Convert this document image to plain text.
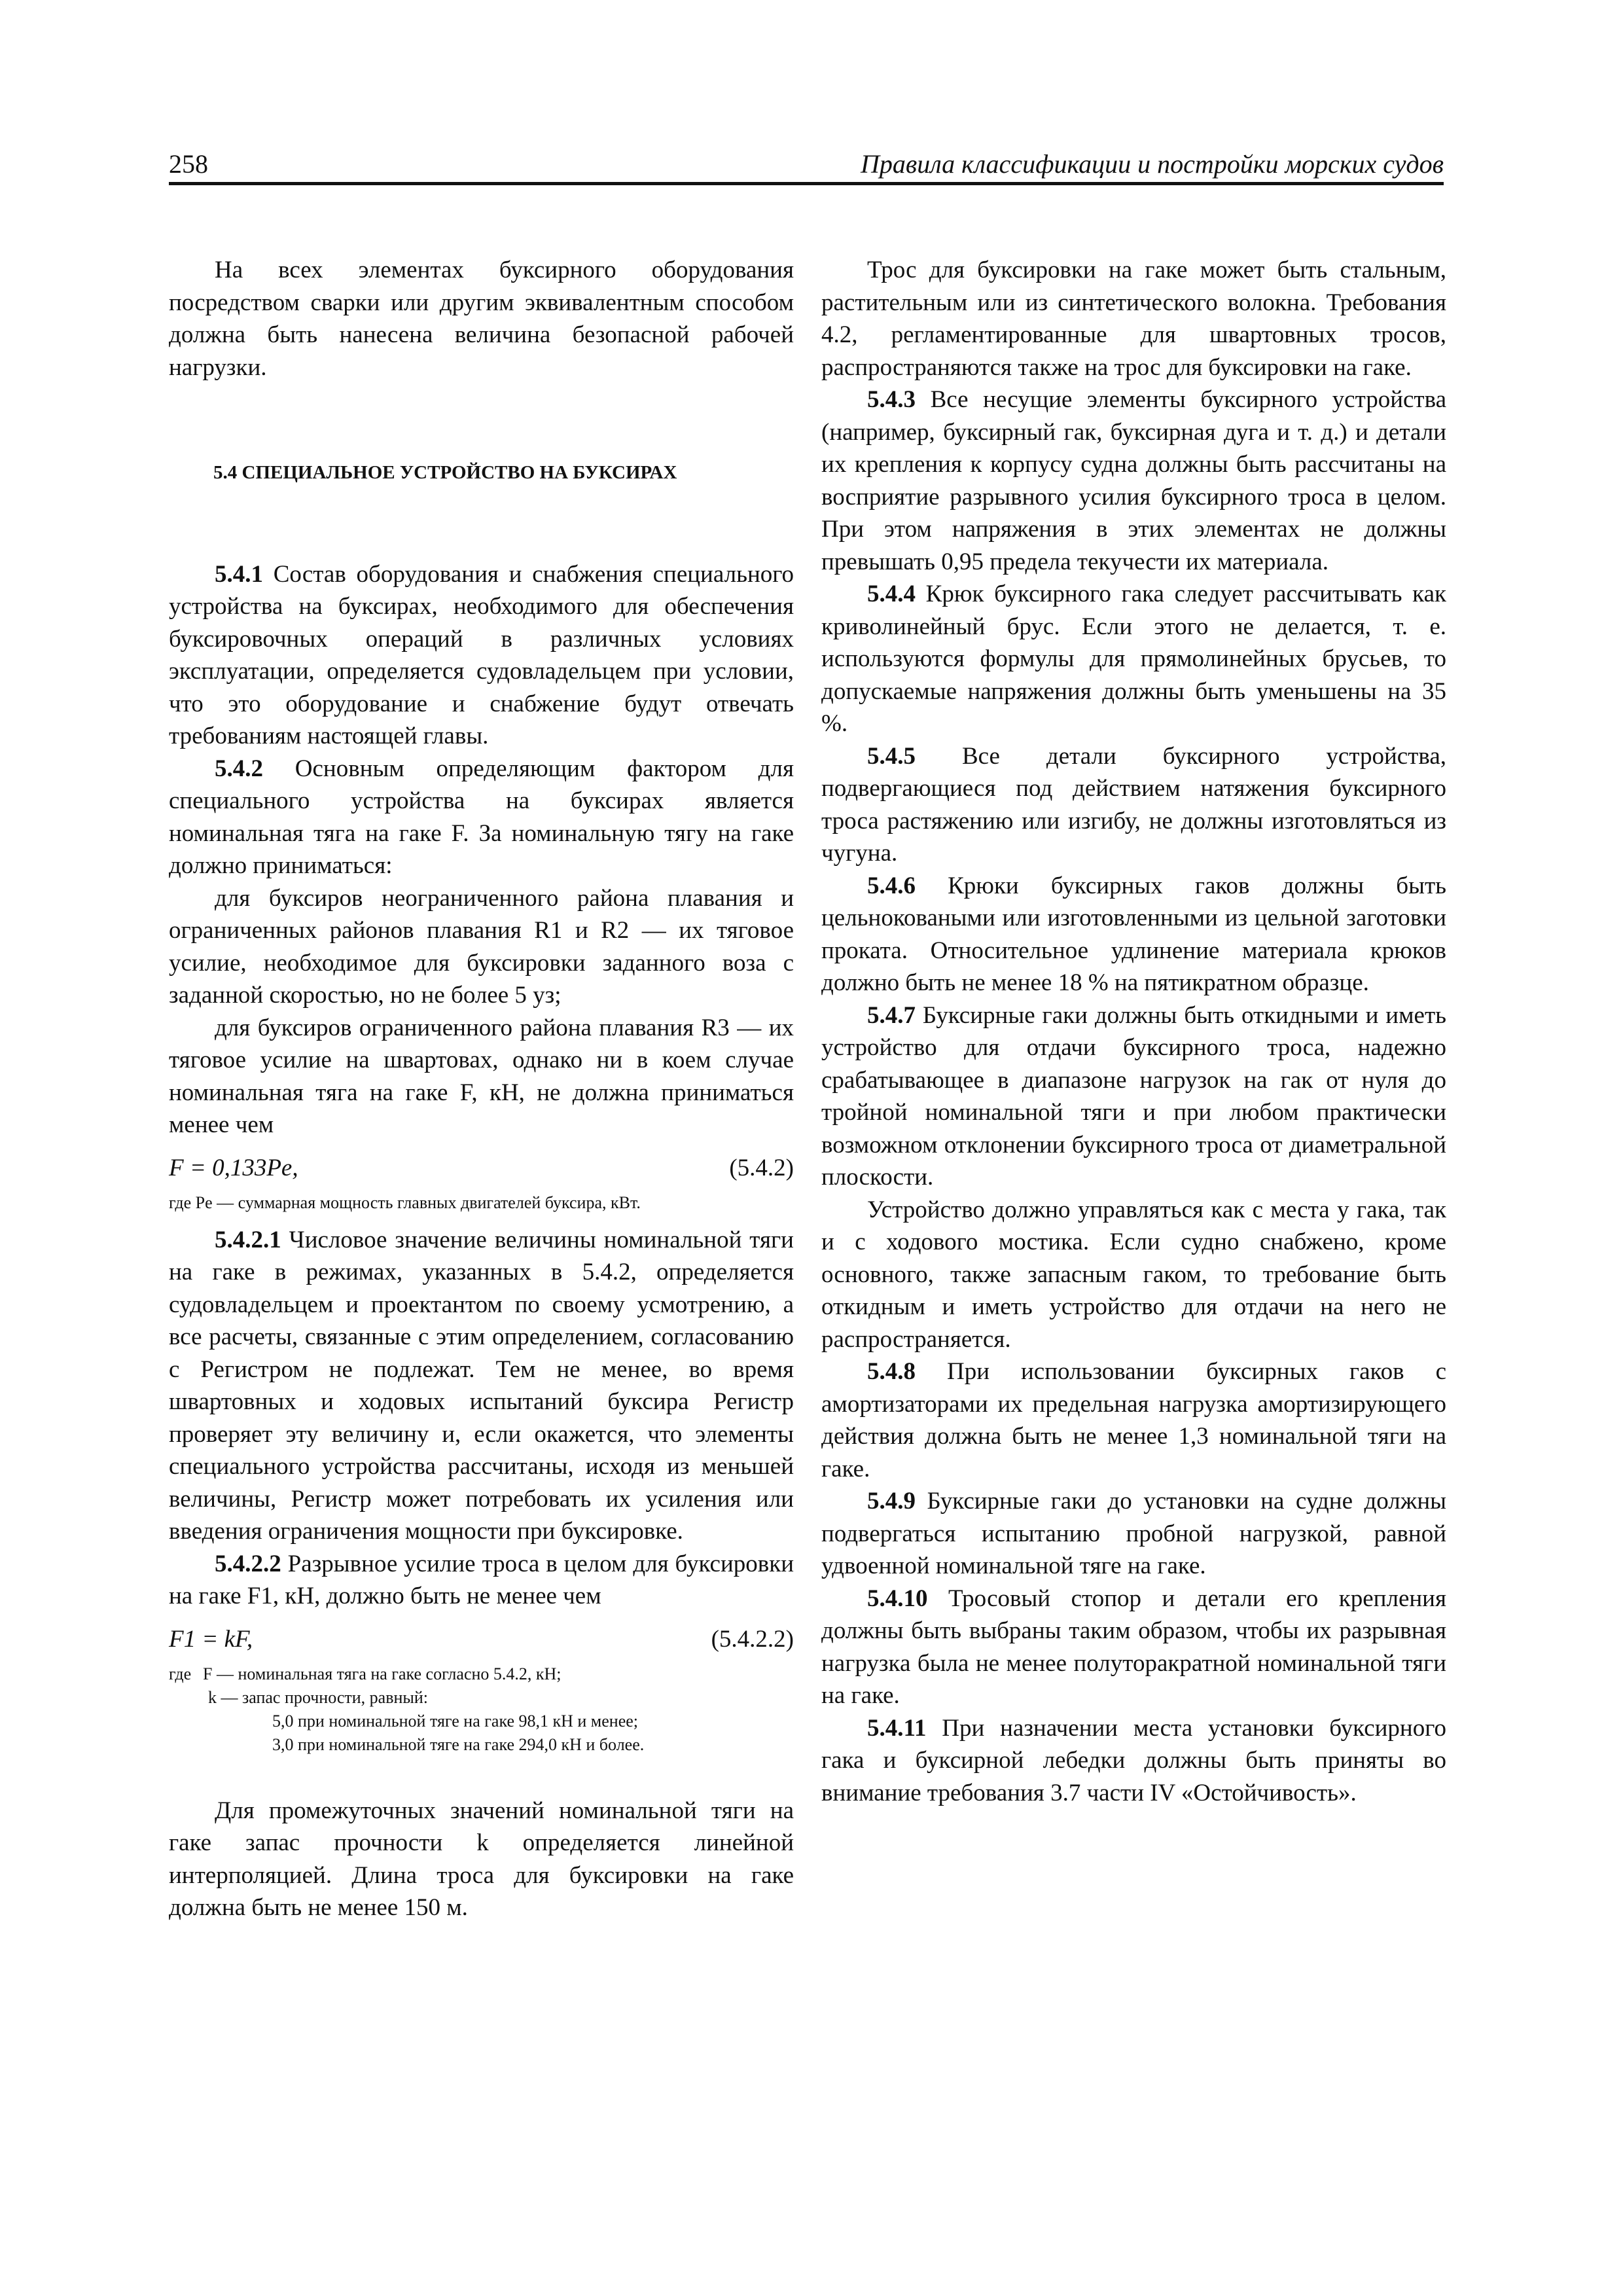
258	Правила классификации и постройки морских судов

На всех элементах буксирного оборудования посредством сварки или другим эквивалентным способом должна быть нанесена величина безопасной рабочей нагрузки.

5.4 СПЕЦИАЛЬНОЕ УСТРОЙСТВО НА БУКСИРАХ

5.4.1 Состав оборудования и снабжения специального устройства на буксирах, необходимого для обеспечения буксировочных операций в различных условиях эксплуатации, определяется судовладельцем при условии, что это оборудование и снабжение будут отвечать требованиям настоящей главы.

5.4.2 Основным определяющим фактором для специального устройства на буксирах является номинальная тяга на гаке F. За номинальную тягу на гаке должно приниматься:

для буксиров неограниченного района плавания и ограниченных районов плавания R1 и R2 — их тяговое усилие, необходимое для буксировки заданного воза с заданной скоростью, но не более 5 уз;

для буксиров ограниченного района плавания R3 — их тяговое усилие на швартовах, однако ни в коем случае номинальная тяга на гаке F, кН, не должна приниматься менее чем

F = 0,133Pe,	(5.4.2)

где Pe — суммарная мощность главных двигателей буксира, кВт.

5.4.2.1 Числовое значение величины номинальной тяги на гаке в режимах, указанных в 5.4.2, определяется судовладельцем и проектантом по своему усмотрению, а все расчеты, связанные с этим определением, согласованию с Регистром не подлежат. Тем не менее, во время швартовных и ходовых испытаний буксира Регистр проверяет эту величину и, если окажется, что элементы специального устройства рассчитаны, исходя из меньшей величины, Регистр может потребовать их усиления или введения ограничения мощности при буксировке.

5.4.2.2 Разрывное усилие троса в целом для буксировки на гаке F1, кН, должно быть не менее чем

F1 = kF,	(5.4.2.2)
где F — номинальная тяга на гаке согласно 5.4.2, кН;
k — запас прочности, равный:
5,0 при номинальной тяге на гаке 98,1 кН и менее;
3,0 при номинальной тяге на гаке 294,0 кН и более.

Для промежуточных значений номинальной тяги на гаке запас прочности k определяется линейной интерполяцией. Длина троса для буксировки на гаке должна быть не менее 150 м.

Трос для буксировки на гаке может быть стальным, растительным или из синтетического волокна. Требования 4.2, регламентированные для швартовных тросов, распространяются также на трос для буксировки на гаке.

5.4.3 Все несущие элементы буксирного устройства (например, буксирный гак, буксирная дуга и т. д.) и детали их крепления к корпусу судна должны быть рассчитаны на восприятие разрывного усилия буксирного троса в целом. При этом напряжения в этих элементах не должны превышать 0,95 предела текучести их материала.

5.4.4 Крюк буксирного гака следует рассчитывать как криволинейный брус. Если этого не делается, т. е. используются формулы для прямолинейных брусьев, то допускаемые напряжения должны быть уменьшены на 35 %.

5.4.5 Все детали буксирного устройства, подвергающиеся под действием натяжения буксирного троса растяжению или изгибу, не должны изготовляться из чугуна.

5.4.6 Крюки буксирных гаков должны быть цельноковаными или изготовленными из цельной заготовки проката. Относительное удлинение материала крюков должно быть не менее 18 % на пятикратном образце.

5.4.7 Буксирные гаки должны быть откидными и иметь устройство для отдачи буксирного троса, надежно срабатывающее в диапазоне нагрузок на гак от нуля до тройной номинальной тяги и при любом практически возможном отклонении буксирного троса от диаметральной плоскости.

Устройство должно управляться как с места у гака, так и с ходового мостика. Если судно снабжено, кроме основного, также запасным гаком, то требование быть откидным и иметь устройство для отдачи на него не распространяется.

5.4.8 При использовании буксирных гаков с амортизаторами их предельная нагрузка амортизирующего действия должна быть не менее 1,3 номинальной тяги на гаке.

5.4.9 Буксирные гаки до установки на судне должны подвергаться испытанию пробной нагрузкой, равной удвоенной номинальной тяге на гаке.

5.4.10 Тросовый стопор и детали его крепления должны быть выбраны таким образом, чтобы их разрывная нагрузка была не менее полуторакратной номинальной тяги на гаке.

5.4.11 При назначении места установки буксирного гака и буксирной лебедки должны быть приняты во внимание требования 3.7 части IV «Остойчивость».
